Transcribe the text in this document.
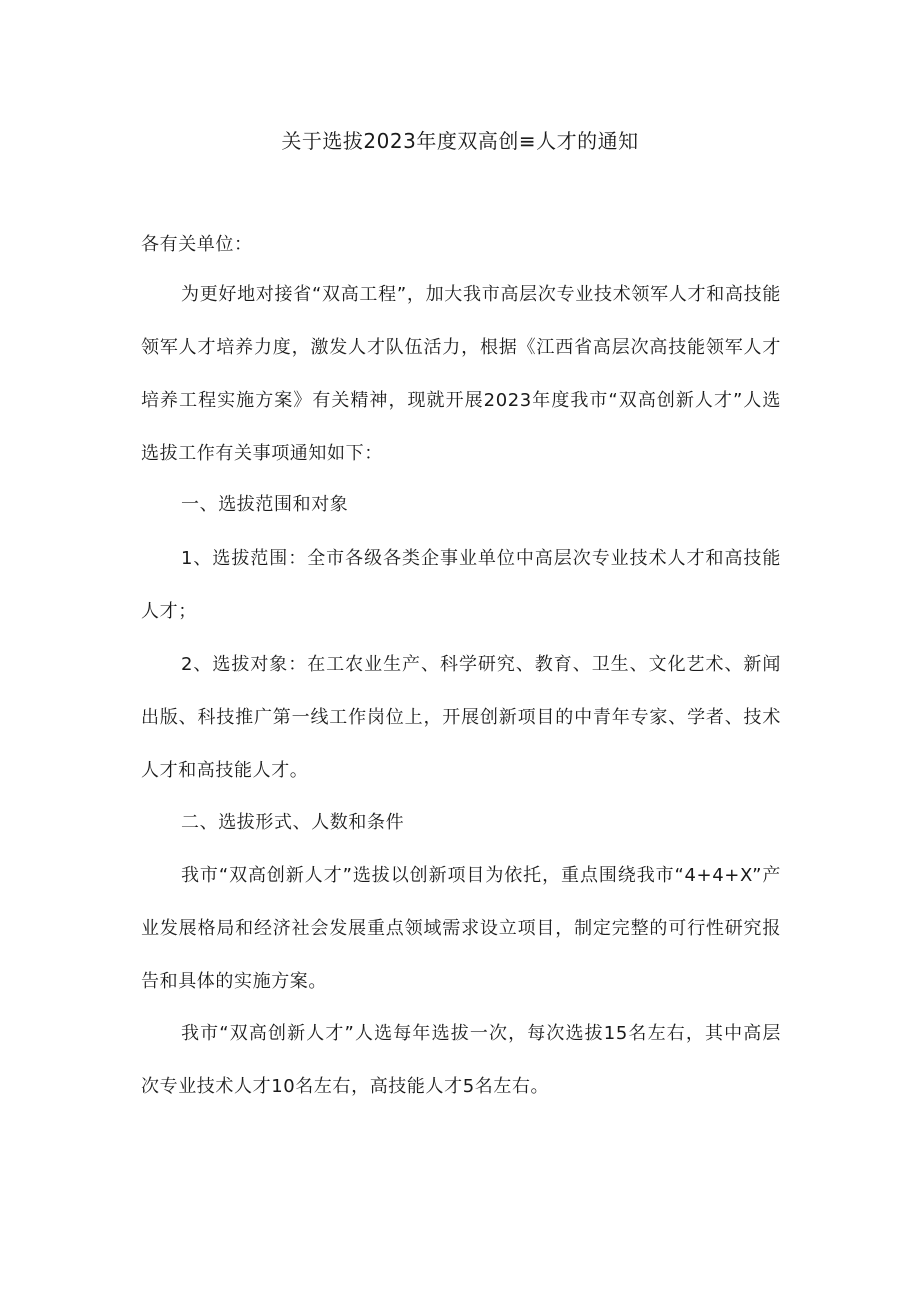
关于选拔2023年度双高创≡人才的通知
各有关单位：
为更好地对接省“双高工程”，加大我市高层次专业技术领军人才和高技能领军人才培养力度，激发人才队伍活力，根据《江西省高层次高技能领军人才培养工程实施方案》有关精神，现就开展2023年度我市“双高创新人才”人选选拔工作有关事项通知如下：
一、选拔范围和对象
1、选拔范围：全市各级各类企事业单位中高层次专业技术人才和高技能人才；
2、选拔对象：在工农业生产、科学研究、教育、卫生、文化艺术、新闻出版、科技推广第一线工作岗位上，开展创新项目的中青年专家、学者、技术人才和高技能人才。
二、选拔形式、人数和条件
我市“双高创新人才”选拔以创新项目为依托，重点围绕我市“4+4+X”产业发展格局和经济社会发展重点领域需求设立项目，制定完整的可行性研究报告和具体的实施方案。
我市“双高创新人才”人选每年选拔一次，每次选拔15名左右，其中高层次专业技术人才10名左右，高技能人才5名左右。
